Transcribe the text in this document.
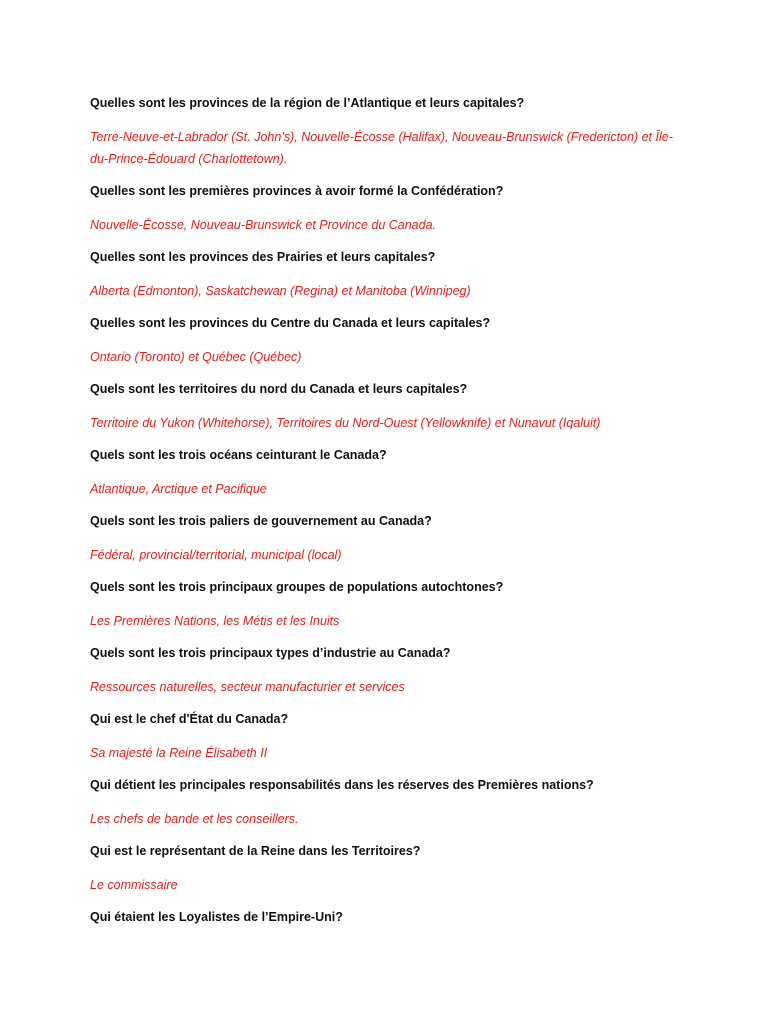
Quelles sont les provinces de la région de l’Atlantique et leurs capitales?

Terre-Neuve-et-Labrador (St. John’s), Nouvelle-Écosse (Halifax), Nouveau-Brunswick (Fredericton) et Île-du-Prince-Édouard (Charlottetown).

Quelles sont les premières provinces à avoir formé la Confédération?

Nouvelle-Écosse, Nouveau-Brunswick et Province du Canada.

Quelles sont les provinces des Prairies et leurs capitales?

Alberta (Edmonton), Saskatchewan (Regina) et Manitoba (Winnipeg)

Quelles sont les provinces du Centre du Canada et leurs capitales?

Ontario (Toronto) et Québec (Québec)

Quels sont les territoires du nord du Canada et leurs capitales?

Territoire du Yukon (Whitehorse), Territoires du Nord-Ouest (Yellowknife) et Nunavut (Iqaluit)

Quels sont les trois océans ceinturant le Canada?

Atlantique, Arctique et Pacifique

Quels sont les trois paliers de gouvernement au Canada?

Fédéral, provincial/territorial, municipal (local)

Quels sont les trois principaux groupes de populations autochtones?

Les Premières Nations, les Métis et les Inuits

Quels sont les trois principaux types d’industrie au Canada?

Ressources naturelles, secteur manufacturier et services

Qui est le chef d'État du Canada?

Sa majesté la Reine Élisabeth II

Qui détient les principales responsabilités dans les réserves des Premières nations?

Les chefs de bande et les conseillers.

Qui est le représentant de la Reine dans les Territoires?

Le commissaire

Qui étaient les Loyalistes de l’Empire-Uni?
